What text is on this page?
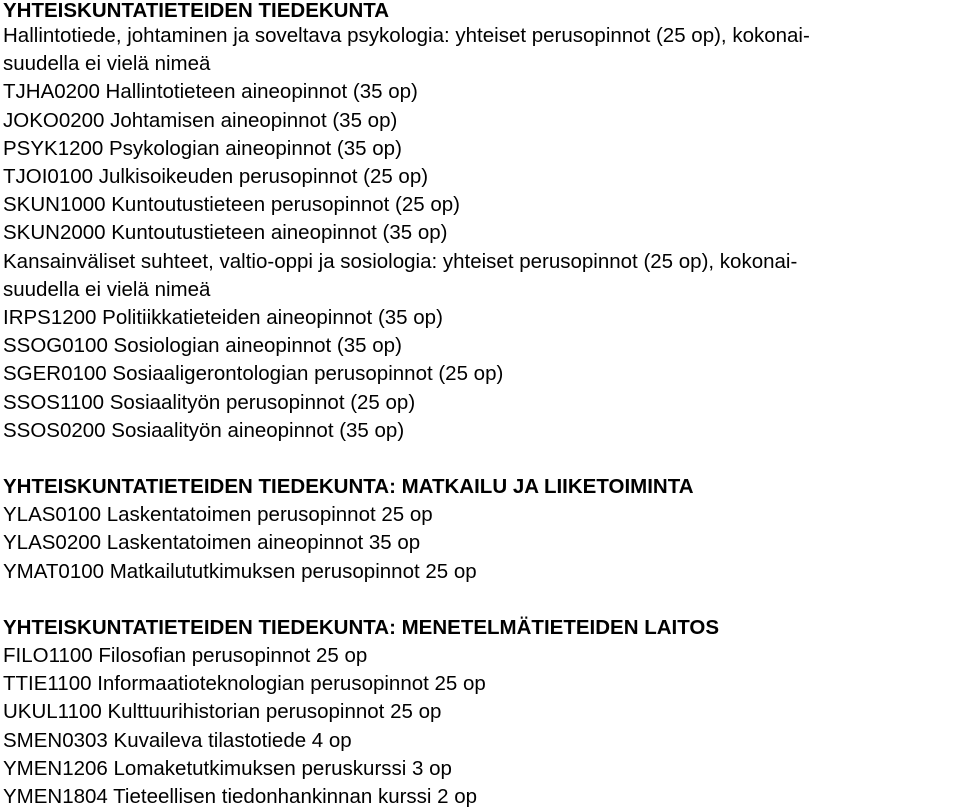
YHTEISKUNTATIETEIDEN TIEDEKUNTA
Hallintotiede, johtaminen ja soveltava psykologia: yhteiset perusopinnot (25 op), kokonai-
suudella ei vielä nimeä
TJHA0200 Hallintotieteen aineopinnot (35 op)
JOKO0200 Johtamisen aineopinnot (35 op)
PSYK1200 Psykologian aineopinnot (35 op)
TJOI0100 Julkisoikeuden perusopinnot (25 op)
SKUN1000 Kuntoutustieteen perusopinnot (25 op)
SKUN2000 Kuntoutustieteen aineopinnot (35 op)
Kansainväliset suhteet, valtio-oppi ja sosiologia: yhteiset perusopinnot (25 op), kokonai-
suudella ei vielä nimeä
IRPS1200 Politiikkatieteiden aineopinnot (35 op)
SSOG0100 Sosiologian aineopinnot (35 op)
SGER0100 Sosiaaligerontologian perusopinnot (25 op)
SSOS1100 Sosiaalityön perusopinnot (25 op)
SSOS0200 Sosiaalityön aineopinnot (35 op)
YHTEISKUNTATIETEIDEN TIEDEKUNTA: MATKAILU JA LIIKETOIMINTA
YLAS0100 Laskentatoimen perusopinnot 25 op
YLAS0200 Laskentatoimen aineopinnot 35 op
YMAT0100 Matkailututkimuksen perusopinnot 25 op
YHTEISKUNTATIETEIDEN TIEDEKUNTA: MENETELMÄTIETEIDEN LAITOS
FILO1100 Filosofian perusopinnot 25 op
TTIE1100 Informaatioteknologian perusopinnot 25 op
UKUL1100 Kulttuurihistorian perusopinnot 25 op
SMEN0303 Kuvaileva tilastotiede 4 op
YMEN1206 Lomaketutkimuksen peruskurssi 3 op
YMEN1804 Tieteellisen tiedonhankinnan kurssi 2 op
